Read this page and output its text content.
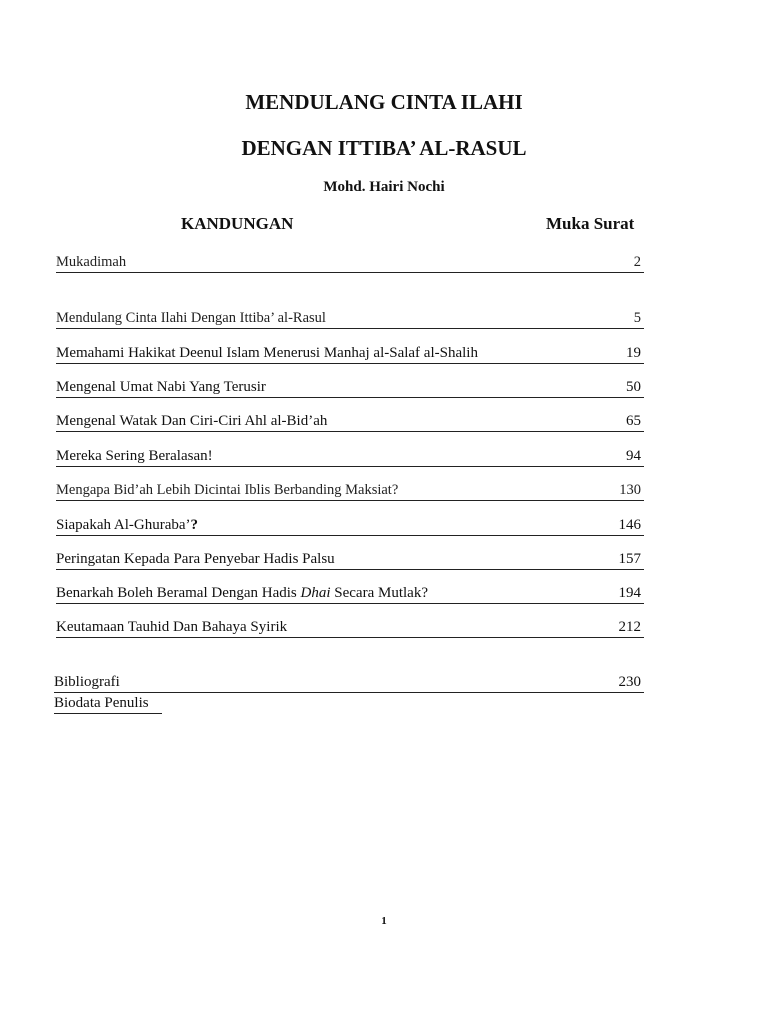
MENDULANG CINTA ILAHI
DENGAN ITTIBA’ AL-RASUL
Mohd. Hairi Nochi
KANDUNGAN	Muka Surat
Mukadimah	2
Mendulang Cinta Ilahi Dengan Ittiba’ al-Rasul	5
Memahami Hakikat Deenul Islam Menerusi Manhaj al-Salaf al-Shalih	19
Mengenal Umat Nabi Yang Terusir	50
Mengenal Watak Dan Ciri-Ciri Ahl al-Bid’ah	65
Mereka Sering Beralasan!	94
Mengapa Bid’ah Lebih Dicintai Iblis Berbanding Maksiat?	130
Siapakah Al-Ghuraba’?	146
Peringatan Kepada Para Penyebar Hadis Palsu	157
Benarkah Boleh Beramal Dengan Hadis Dhai Secara Mutlak?	194
Keutamaan Tauhid Dan Bahaya Syirik	212
Bibliografi	230
Biodata Penulis
1
